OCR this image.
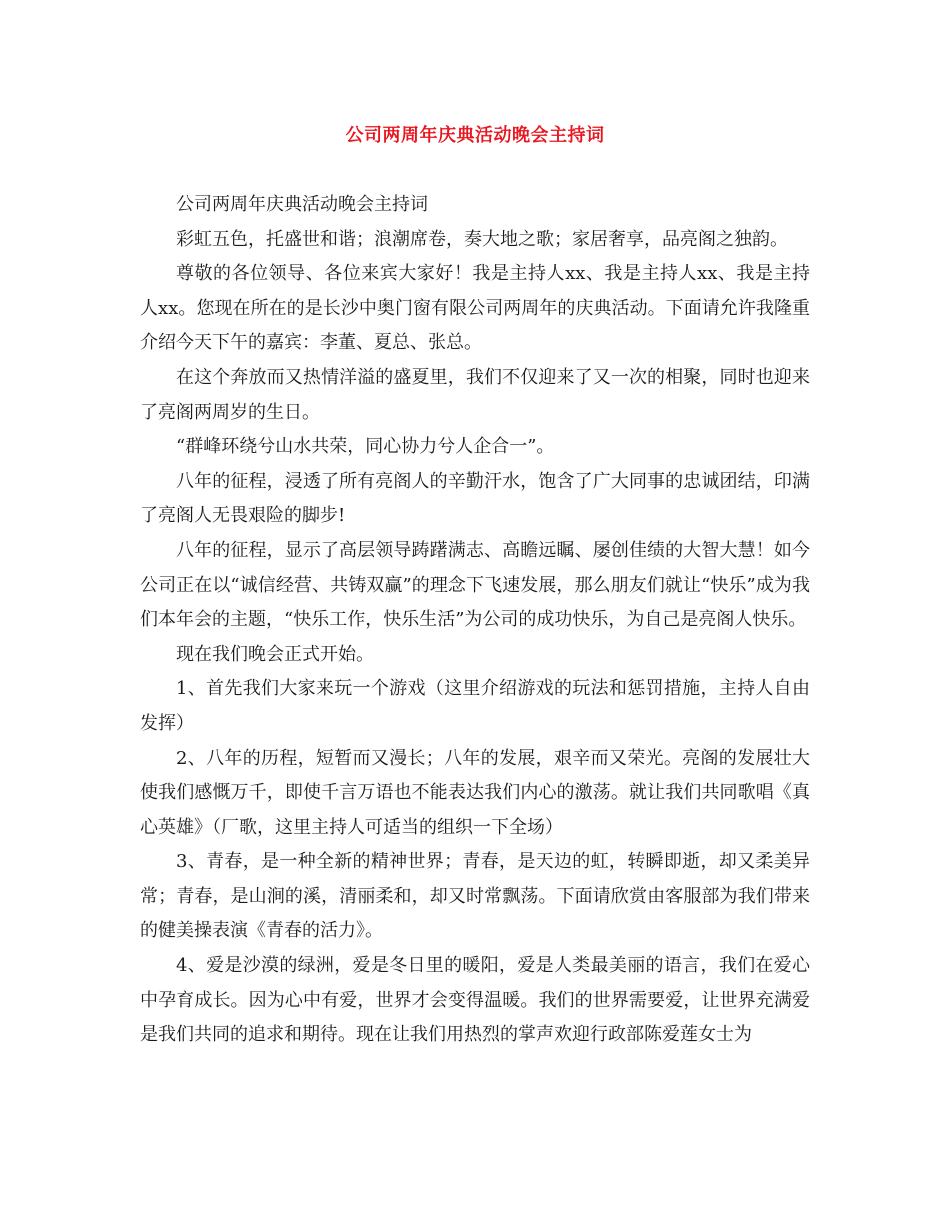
公司两周年庆典活动晚会主持词

公司两周年庆典活动晚会主持词

彩虹五色，托盛世和谐；浪潮席卷，奏大地之歌；家居奢享，品亮阁之独韵。

尊敬的各位领导、各位来宾大家好！我是主持人xx、我是主持人xx、我是主持人xx。您现在所在的是长沙中奥门窗有限公司两周年的庆典活动。下面请允许我隆重介绍今天下午的嘉宾：李董、夏总、张总。

在这个奔放而又热情洋溢的盛夏里，我们不仅迎来了又一次的相聚，同时也迎来了亮阁两周岁的生日。

“群峰环绕兮山水共荣，同心协力兮人企合一”。

八年的征程，浸透了所有亮阁人的辛勤汗水，饱含了广大同事的忠诚团结，印满了亮阁人无畏艰险的脚步!

八年的征程，显示了高层领导踌躇满志、高瞻远瞩、屡创佳绩的大智大慧！如今公司正在以“诚信经营、共铸双赢”的理念下飞速发展，那么朋友们就让“快乐”成为我们本年会的主题，“快乐工作，快乐生活”为公司的成功快乐，为自己是亮阁人快乐。

现在我们晚会正式开始。

1、首先我们大家来玩一个游戏（这里介绍游戏的玩法和惩罚措施，主持人自由发挥）

2、八年的历程，短暂而又漫长；八年的发展，艰辛而又荣光。亮阁的发展壮大使我们感慨万千，即使千言万语也不能表达我们内心的激荡。就让我们共同歌唱《真心英雄》（厂歌，这里主持人可适当的组织一下全场）

3、青春，是一种全新的精神世界；青春，是天边的虹，转瞬即逝，却又柔美异常；青春，是山涧的溪，清丽柔和，却又时常飘荡。下面请欣赏由客服部为我们带来的健美操表演《青春的活力》。

4、爱是沙漠的绿洲，爱是冬日里的暖阳，爱是人类最美丽的语言，我们在爱心中孕育成长。因为心中有爱，世界才会变得温暖。我们的世界需要爱，让世界充满爱是我们共同的追求和期待。现在让我们用热烈的掌声欢迎行政部陈爱莲女士为
